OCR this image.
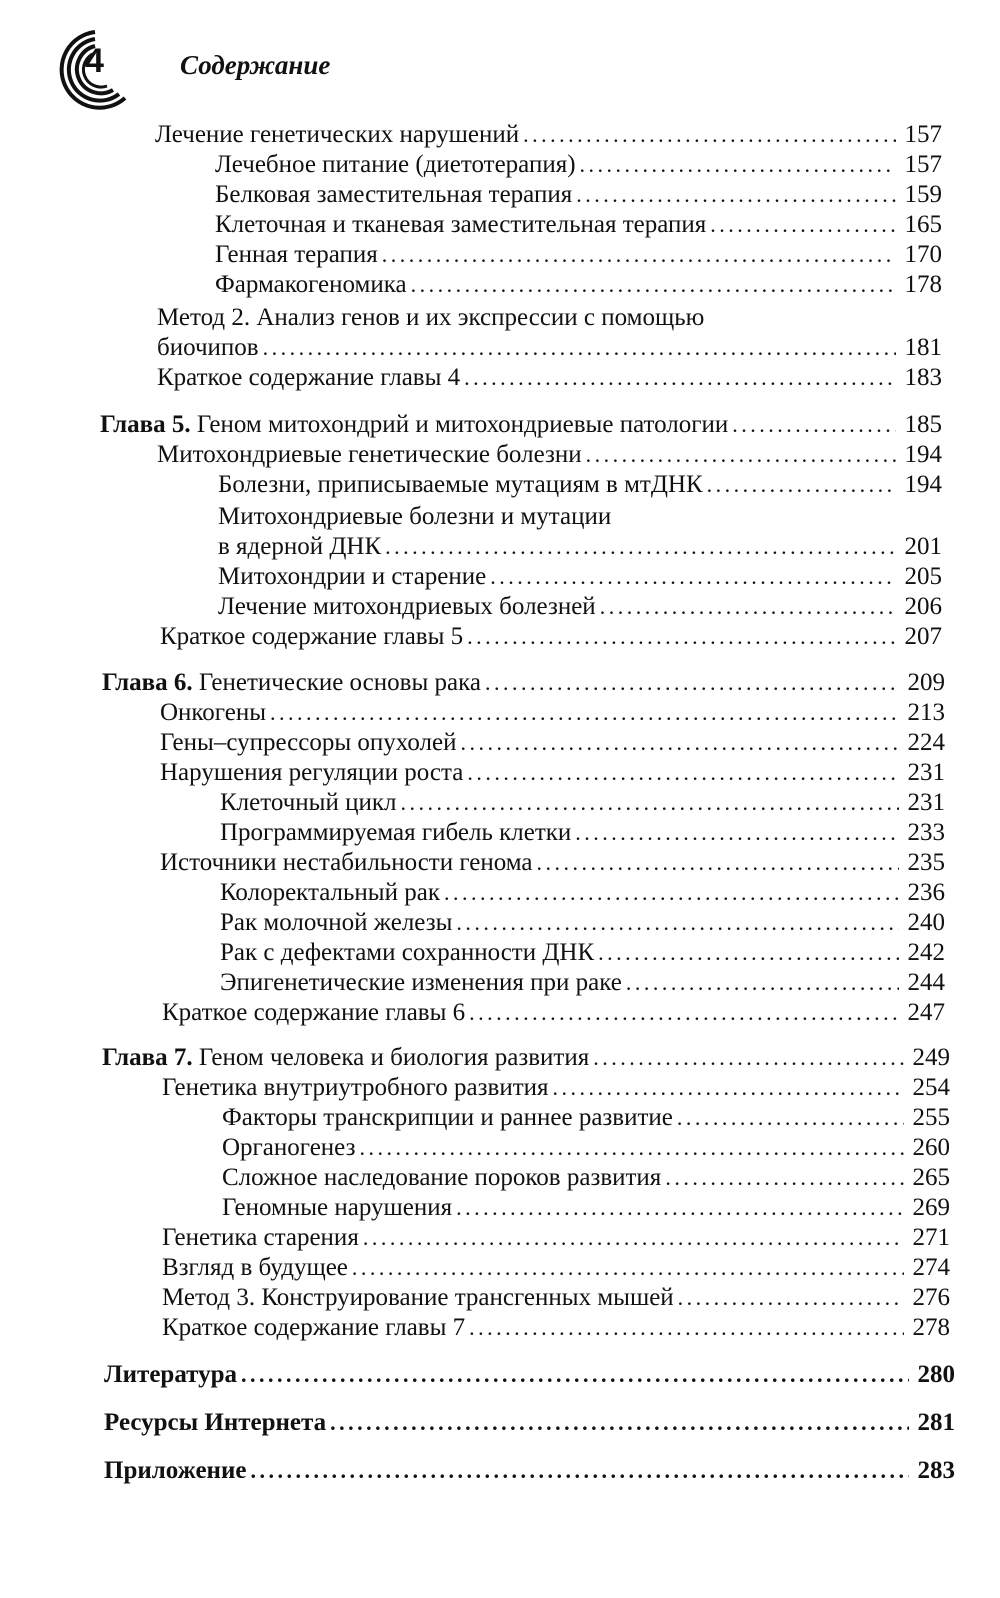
4	Содержание
Лечение генетических нарушений . . .	157
Лечебное питание (диетотерапия) . . .	157
Белковая заместительная терапия . . .	159
Клеточная и тканевая заместительная терапия . . .	165
Генная терапия . . .	170
Фармакогеномика . . .	178
Метод 2. Анализ генов и их экспрессии с помощью
биочипов . . .	181
Краткое содержание главы 4 . . .	183
Глава 5. Геном митохондрий и митохондриевые патологии . . .	185
Митохондриевые генетические болезни . . .	194
Болезни, приписываемые мутациям в мтДНК . . .	194
Митохондриевые болезни и мутации
в ядерной ДНК . . .	201
Митохондрии и старение . . .	205
Лечение митохондриевых болезней . . .	206
Краткое содержание главы 5 . . .	207
Глава 6. Генетические основы рака . . .	209
Онкогены . . .	213
Гены–супрессоры опухолей . . .	224
Нарушения регуляции роста . . .	231
Клеточный цикл . . .	231
Программируемая гибель клетки . . .	233
Источники нестабильности генома . . .	235
Колоректальный рак . . .	236
Рак молочной железы . . .	240
Рак с дефектами сохранности ДНК . . .	242
Эпигенетические изменения при раке . . .	244
Краткое содержание главы 6 . . .	247
Глава 7. Геном человека и биология развития . . .	249
Генетика внутриутробного развития . . .	254
Факторы транскрипции и раннее развитие . . .	255
Органогенез . . .	260
Сложное наследование пороков развития . . .	265
Геномные нарушения . . .	269
Генетика старения . . .	271
Взгляд в будущее . . .	274
Метод 3. Конструирование трансгенных мышей . . .	276
Краткое содержание главы 7 . . .	278
Литература . . .	280
Ресурсы Интернета . . .	281
Приложение . . .	283
